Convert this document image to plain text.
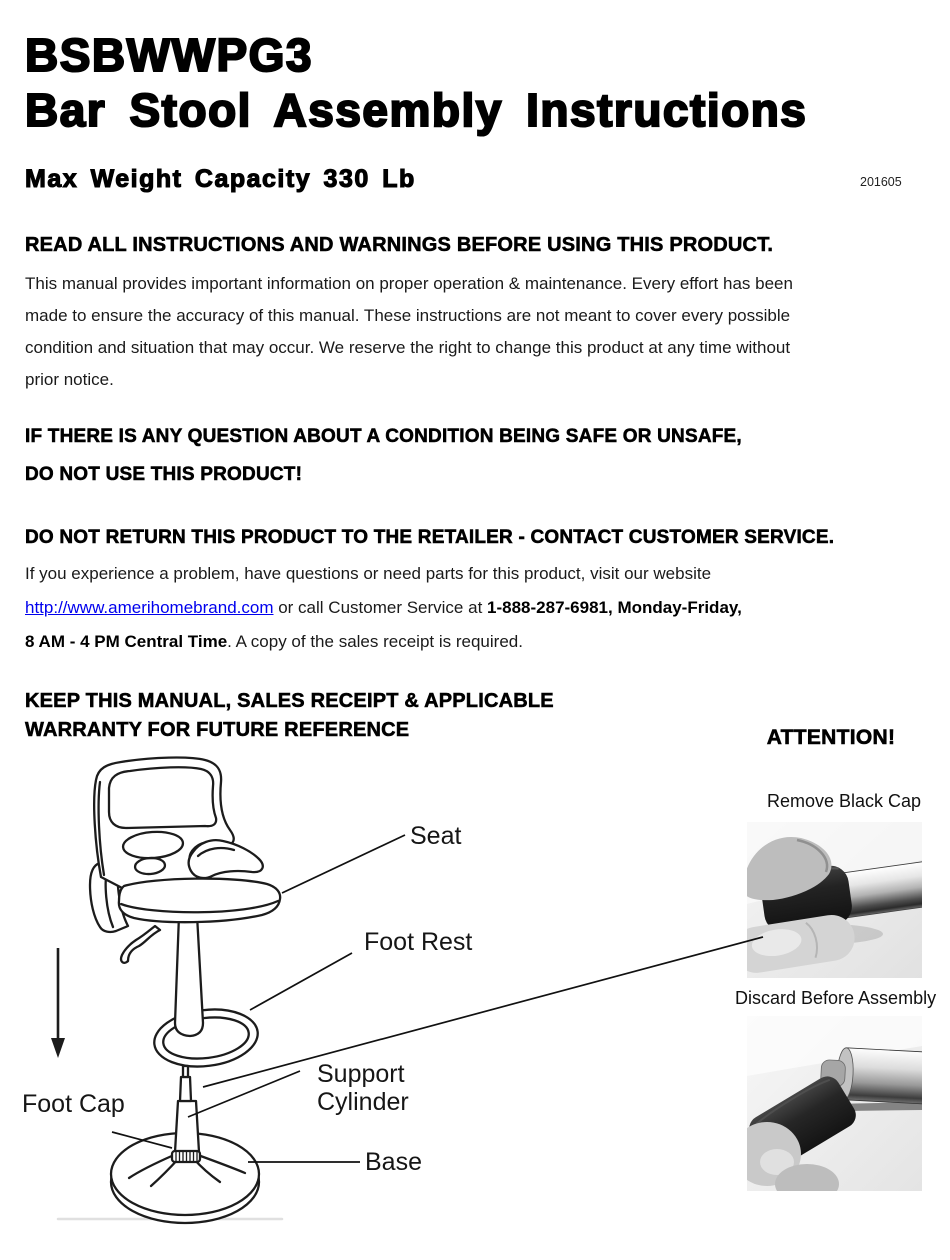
BSBWWPG3
Bar Stool Assembly Instructions
Max Weight Capacity 330 Lb	201605
READ ALL INSTRUCTIONS AND WARNINGS BEFORE USING THIS PRODUCT.
This manual provides important information on proper operation & maintenance. Every effort has been
made to ensure the accuracy of this manual. These instructions are not meant to cover every possible
condition and situation that may occur. We reserve the right to change this product at any time without
prior notice.
IF THERE IS ANY QUESTION ABOUT A CONDITION BEING SAFE OR UNSAFE,
DO NOT USE THIS PRODUCT!
DO NOT RETURN THIS PRODUCT TO THE RETAILER - CONTACT CUSTOMER SERVICE.
If you experience a problem, have questions or need parts for this product, visit our website
http://www.amerihomebrand.com or call Customer Service at 1-888-287-6981, Monday-Friday,
8 AM - 4 PM Central Time. A copy of the sales receipt is required.
KEEP THIS MANUAL, SALES RECEIPT & APPLICABLE
WARRANTY FOR FUTURE REFERENCE	ATTENTION!
Remove Black Cap
Discard Before Assembly
Seat
Foot Rest
Support
Cylinder
Foot Cap
Base
